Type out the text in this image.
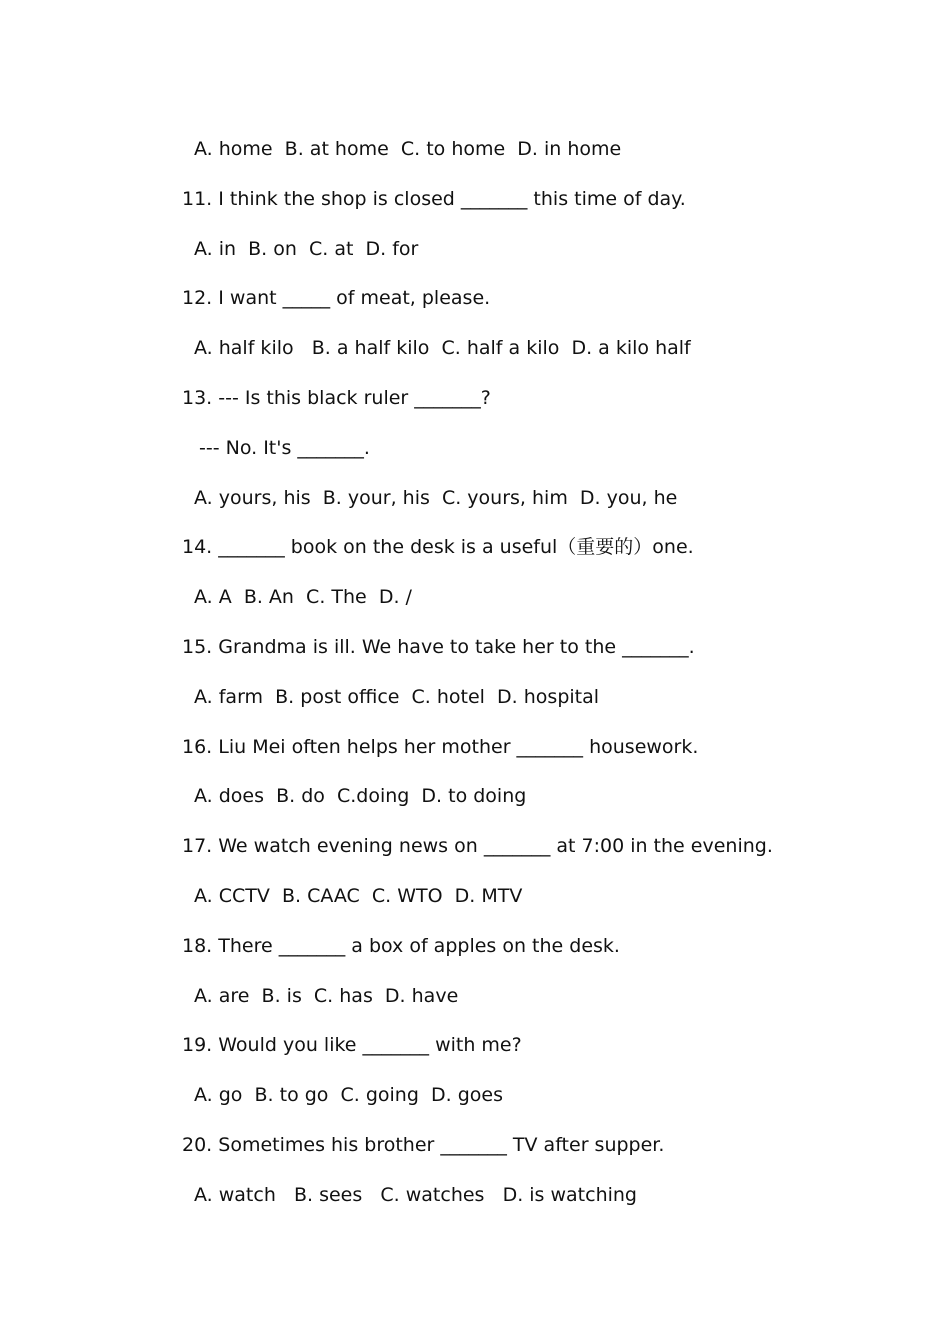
A. home  B. at home  C. to home  D. in home
11. I think the shop is closed _______ this time of day.
A. in  B. on  C. at  D. for
12. I want _____ of meat, please.
A. half kilo   B. a half kilo  C. half a kilo  D. a kilo half
13. --- Is this black ruler _______?
--- No. It's _______.
A. yours, his  B. your, his  C. yours, him  D. you, he
14. _______ book on the desk is a useful（重要的）one.
A. A  B. An  C. The  D. /
15. Grandma is ill. We have to take her to the _______.
A. farm  B. post office  C. hotel  D. hospital
16. Liu Mei often helps her mother _______ housework.
A. does  B. do  C.doing  D. to doing
17. We watch evening news on _______ at 7:00 in the evening.
A. CCTV  B. CAAC  C. WTO  D. MTV
18. There _______ a box of apples on the desk.
A. are  B. is  C. has  D. have
19. Would you like _______ with me?
A. go  B. to go  C. going  D. goes
20. Sometimes his brother _______ TV after supper.
A. watch   B. sees   C. watches   D. is watching
